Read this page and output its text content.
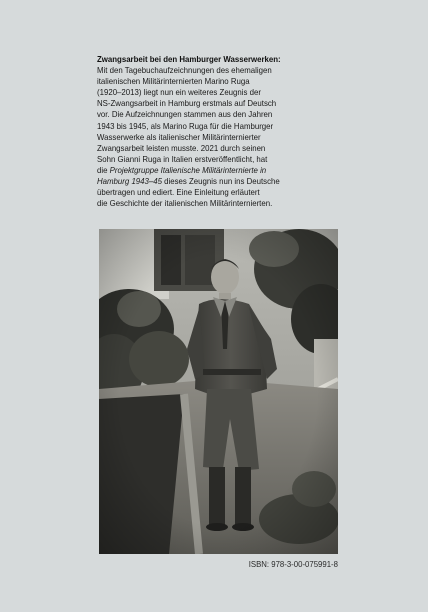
Zwangsarbeit bei den Hamburger Wasserwerken:
Mit den Tagebuchaufzeichnungen des ehemaligen
italienischen Militärinternierten Marino Ruga
(1920–2013) liegt nun ein weiteres Zeugnis der
NS-Zwangsarbeit in Hamburg erstmals auf Deutsch
vor. Die Aufzeichnungen stammen aus den Jahren
1943 bis 1945, als Marino Ruga für die Hamburger
Wasserwerke als italienischer Militärinternierter
Zwangsarbeit leisten musste. 2021 durch seinen
Sohn Gianni Ruga in Italien erstveröffentlicht, hat
die Projektgruppe Italienische Militärinternierte in
Hamburg 1943–45 dieses Zeugnis nun ins Deutsche
übertragen und ediert. Eine Einleitung erläutert
die Geschichte der italienischen Militärinternierten.
ISBN: 978-3-00-075991-8
